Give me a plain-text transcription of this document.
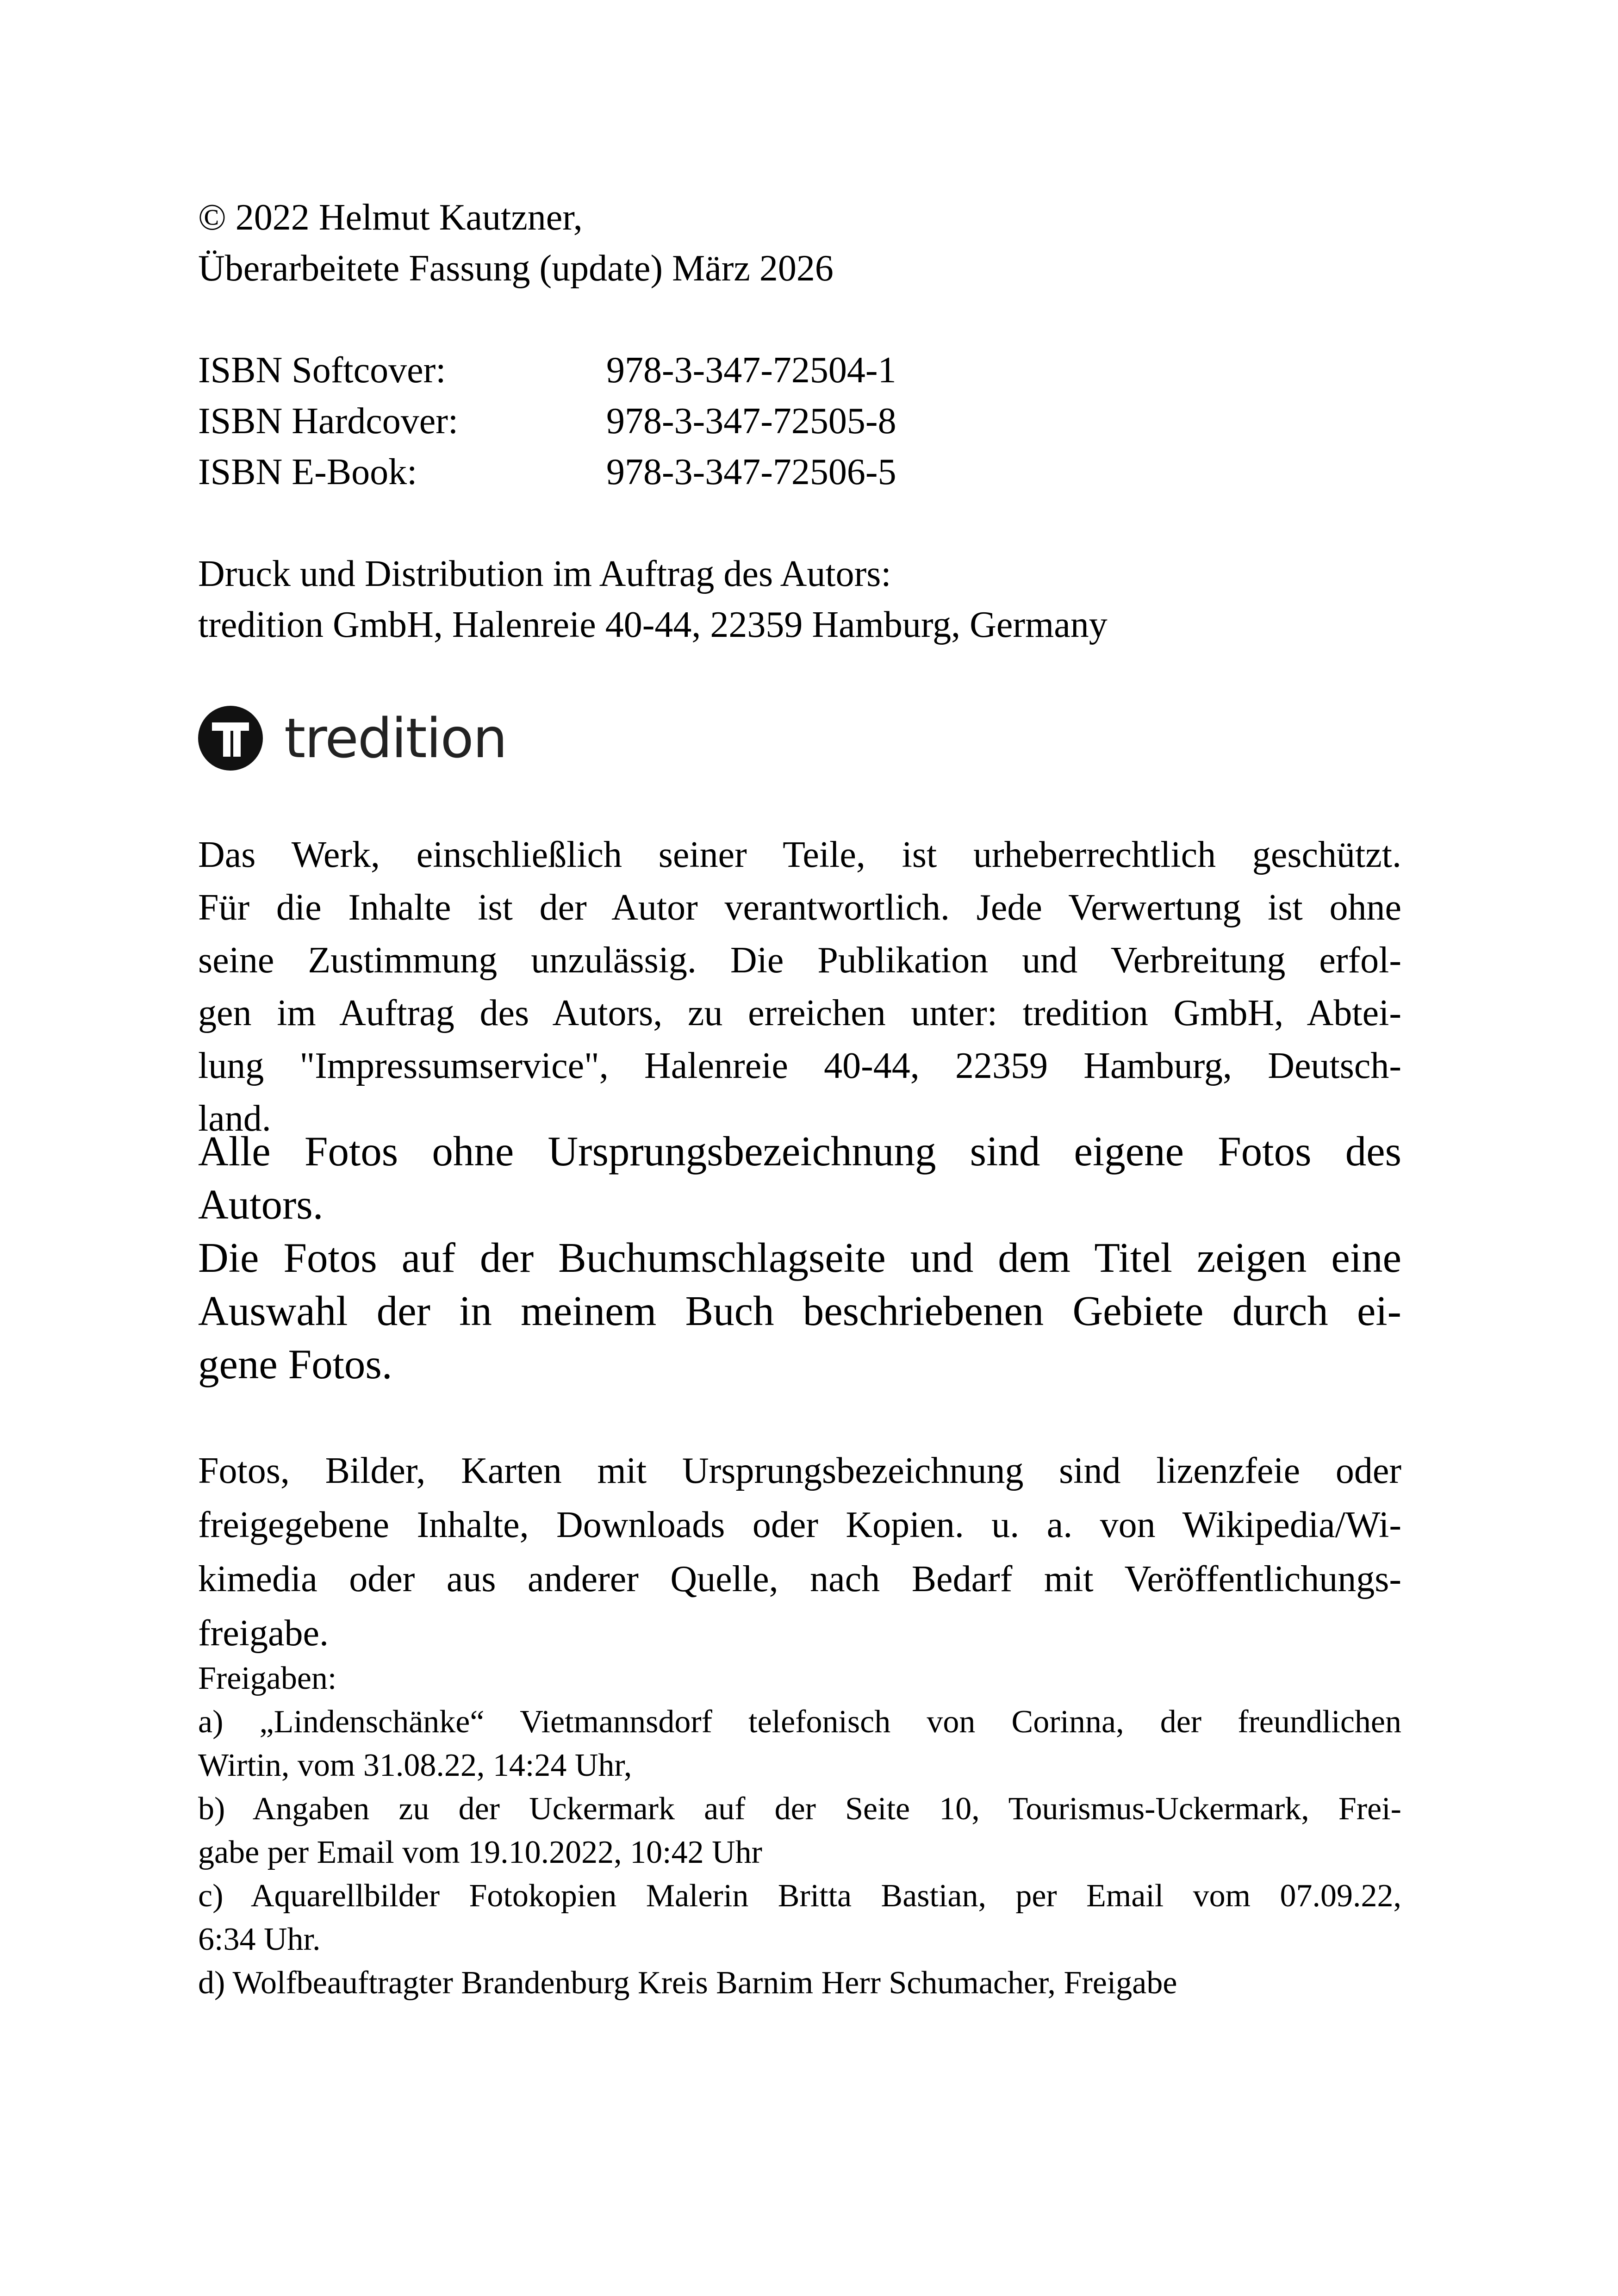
© 2022 Helmut Kautzner,
Überarbeitete Fassung (update) März 2026
ISBN Softcover:	978-3-347-72504-1
ISBN Hardcover:	978-3-347-72505-8
ISBN E-Book:	978-3-347-72506-5
Druck und Distribution im Auftrag des Autors:
tredition GmbH, Halenreie 40-44, 22359 Hamburg, Germany
tredition
Das Werk, einschließlich seiner Teile, ist urheberrechtlich geschützt.
Für die Inhalte ist der Autor verantwortlich. Jede Verwertung ist ohne
seine Zustimmung unzulässig. Die Publikation und Verbreitung erfol-
gen im Auftrag des Autors, zu erreichen unter: tredition GmbH, Abtei-
lung "Impressumservice", Halenreie 40-44, 22359 Hamburg, Deutsch-
land.
Alle Fotos ohne Ursprungsbezeichnung sind eigene Fotos des
Autors.
Die Fotos auf der Buchumschlagseite und dem Titel zeigen eine
Auswahl der in meinem Buch beschriebenen Gebiete durch ei-
gene Fotos.
Fotos, Bilder, Karten mit Ursprungsbezeichnung sind lizenzfeie oder
freigegebene Inhalte, Downloads oder Kopien. u. a. von Wikipedia/Wi-
kimedia oder aus anderer Quelle, nach Bedarf mit Veröffentlichungs-
freigabe.
Freigaben:
a) „Lindenschänke“ Vietmannsdorf telefonisch von Corinna, der freundlichen
Wirtin, vom 31.08.22, 14:24 Uhr,
b) Angaben zu der Uckermark auf der Seite 10, Tourismus-Uckermark, Frei-
gabe per Email vom 19.10.2022, 10:42 Uhr
c) Aquarellbilder Fotokopien Malerin Britta Bastian, per Email vom 07.09.22,
6:34 Uhr.
d) Wolfbeauftragter Brandenburg Kreis Barnim Herr Schumacher, Freigabe
